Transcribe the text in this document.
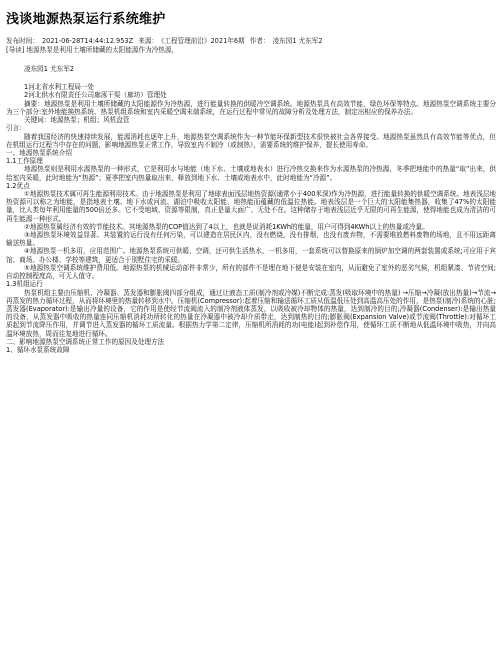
浅谈地源热泵运行系统维护
发布时间： 2021-06-28T14:44:12.953Z 来源： 《工程管理前沿》2021年6期 作者： 凌东园1 尤东军2
[导读] 地源热泵是利用土壤所储藏的太阳能源作为冷热源，
凌东园1 尤东军2
1河北省水利工程局一处
2河北供水有限责任公司廊涿干渠（廊坊）管理处

摘要：地源热泵是利用土壤所储藏的太阳能源作为冷热源，进行能量转换的供暖冷空调系统。地源热泵具有高效节能，绿色环保等特点。地源热泵空调系统主要分为三个部分:室外地能换热系统、热泵机组系统和室内采暖空调末端系统，在运行过程中常见的故障分析及处理方法，制定出相应的保养办法。

关键词：地源热泵；机组；风机盘管

引言：

随着我国经济的快速持续发展，能源消耗也逐年上升，地源热泵空调系统作为一种节能环保新型技术很快被社会各界接受。地源热泵虽然具有高效节能等优点，但在机组运行过程当中存在的问题，影响地源热泵正常工作，导致室内不制冷（或制热），需要系统的维护保养，提长使用寿命。

一、地源热泵系统介绍

1.1工作原理

地源热泵则是利用水源热泵的一种形式，它是利用水与地能（地下水、土壤或地表水）进行冷热交换来作为水源热泵的冷热源，冬季把地能中的热量“取”出来，供给室内采暖，此时地能为“热源”；夏季把室内热量取出来，释放到地下水、土壤或地表水中，此时地能为“冷源”。

1.2优点

①地源热泵技术属可再生能源利用技术。由于地源热泵是利用了地球表面浅层地热资源(通常小于400米深)作为冷热源，进行能量转换的供暖空调系统。地表浅层地热资源可以称之为地能，是指地表土壤、地下水或河流、湖泊中吸收太阳能、地热能而蕴藏的低温位热能。地表浅层是一个巨大的太阳能集热器，收集了47%的太阳能量，比人类每年利用能量的500倍还多。它不受地域、资源等限制，真正是量大面广、无处不在。这种储存于地表浅层近乎无限的可再生能源，使得地能也成为清洁的可再生能源一种形式。

②地源热泵属经济有效的节能技术。其地源热泵的COP值达到了4以上，也就是说消耗1KWh的能量，用户可得到4KWh以上的热量或冷量。

③地源热泵环境效益显著。其装置的运行没有任何污染，可以建造在居民区内，没有燃烧，没有排烟，也没有废弃物，不需要堆放燃料废物的场地，且不用远距离输送热量。

④地源热泵一机多用，应用范围广。地源热泵系统可供暖、空调，还可供生活热水，一机多用，一套系统可以替换原来的锅炉加空调的两套装置或系统;可应用于宾馆、商场、办公楼、学校等建筑，更适合于别墅住宅的采暖。

⑤地源热泵空调系统维护费用低。地源热泵的机械运动部件非常少，所有的部件不是埋在地下便是安装在室内，从而避免了室外的恶劣气候，机组紧凑、节省空间;自动控制程度高，可无人值守。

1.3机组运行

热泵机组主要由压缩机、冷凝器、蒸发器和膨胀阀四部分组成，通过让液态工质(制冷剂或冷媒)不断完成:蒸发(吸取环境中的热量) →压缩→冷凝(放出热量)→节流→再蒸发的热力循环过程，从而将环境里的热量转移到水中。压缩机(Compressor):起着压缩和输送循环工质从低温低压处到高温高压处的作用，是热泵(制冷)系统的心脏;蒸发器(Evaporator):是输出冷量的设备，它的作用是使经节流阀流入的制冷剂液体蒸发，以吸收被冷却物体的热量，达到制冷的目的;冷凝器(Condenser):是输出热量的设备，从蒸发器中吸收的热量连同压缩机消耗功所转化的热量在冷凝器中被冷却介质带走，达到制热的目的;膨胀阀(Expansion Valve)或节流阀(Throttle):对循环工质起到节流降压作用，并调节进入蒸发器的循环工质流量。根据热力学第二定律，压缩机所消耗的功(电能)起到补偿作用，使循环工质不断地从低温环境中吸热，并向高温环境放热，周而往复地进行循环。

二、影响地源热泵空调系统正常工作的原因及处理方法

1、循环水泵系统故障
